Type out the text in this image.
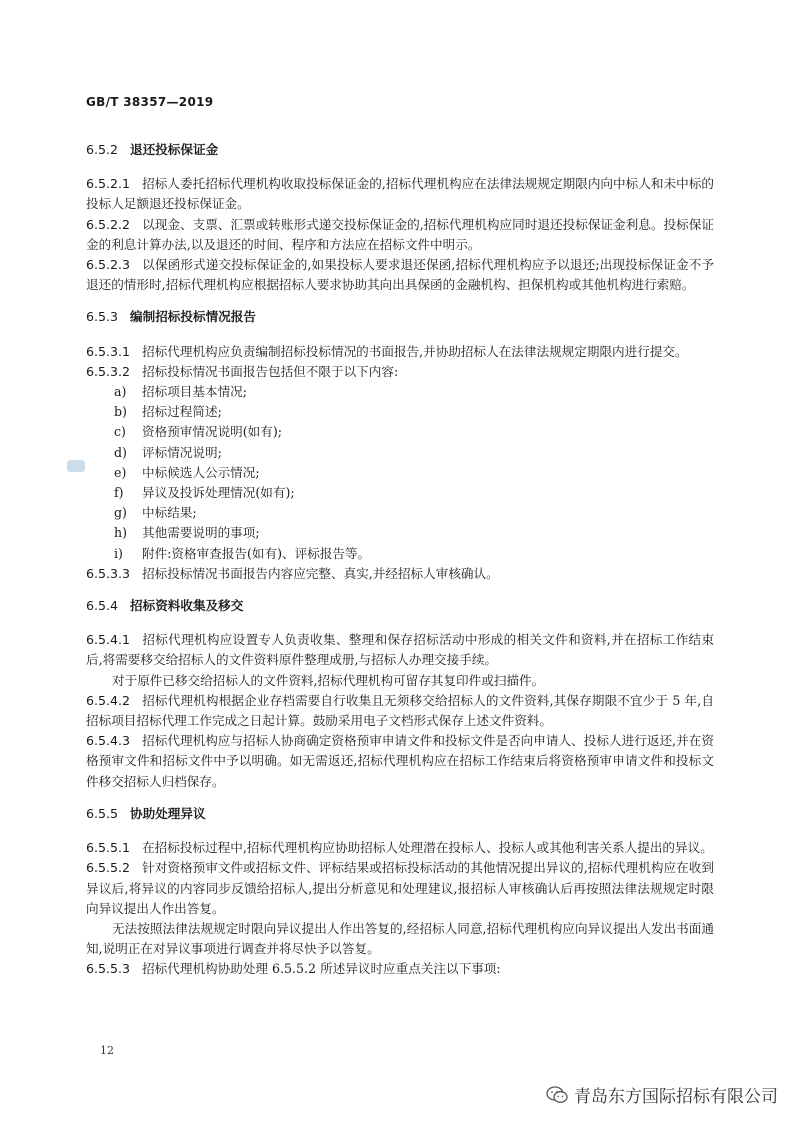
GB/T 38357—2019
6.5.2 退还投标保证金

6.5.2.1 招标人委托招标代理机构收取投标保证金的,招标代理机构应在法律法规规定期限内向中标人和未中标的投标人足额退还投标保证金。

6.5.2.2 以现金、支票、汇票或转账形式递交投标保证金的,招标代理机构应同时退还投标保证金利息。投标保证金的利息计算办法,以及退还的时间、程序和方法应在招标文件中明示。

6.5.2.3 以保函形式递交投标保证金的,如果投标人要求退还保函,招标代理机构应予以退还;出现投标保证金不予退还的情形时,招标代理机构应根据招标人要求协助其向出具保函的金融机构、担保机构或其他机构进行索赔。

6.5.3 编制招标投标情况报告

6.5.3.1 招标代理机构应负责编制招标投标情况的书面报告,并协助招标人在法律法规规定期限内进行提交。

6.5.3.2 招标投标情况书面报告包括但不限于以下内容:

a) 招标项目基本情况;
b) 招标过程简述;
c) 资格预审情况说明(如有);
d) 评标情况说明;
e) 中标候选人公示情况;
f) 异议及投诉处理情况(如有);
g) 中标结果;
h) 其他需要说明的事项;
i) 附件:资格审查报告(如有)、评标报告等。

6.5.3.3 招标投标情况书面报告内容应完整、真实,并经招标人审核确认。

6.5.4 招标资料收集及移交

6.5.4.1 招标代理机构应设置专人负责收集、整理和保存招标活动中形成的相关文件和资料,并在招标工作结束后,将需要移交给招标人的文件资料原件整理成册,与招标人办理交接手续。

对于原件已移交给招标人的文件资料,招标代理机构可留存其复印件或扫描件。

6.5.4.2 招标代理机构根据企业存档需要自行收集且无须移交给招标人的文件资料,其保存期限不宜少于 5 年,自招标项目招标代理工作完成之日起计算。鼓励采用电子文档形式保存上述文件资料。

6.5.4.3 招标代理机构应与招标人协商确定资格预审申请文件和投标文件是否向申请人、投标人进行返还,并在资格预审文件和招标文件中予以明确。如无需返还,招标代理机构应在招标工作结束后将资格预审申请文件和投标文件移交招标人归档保存。

6.5.5 协助处理异议

6.5.5.1 在招标投标过程中,招标代理机构应协助招标人处理潜在投标人、投标人或其他利害关系人提出的异议。

6.5.5.2 针对资格预审文件或招标文件、评标结果或招标投标活动的其他情况提出异议的,招标代理机构应在收到异议后,将异议的内容同步反馈给招标人,提出分析意见和处理建议,报招标人审核确认后再按照法律法规规定时限向异议提出人作出答复。

无法按照法律法规规定时限向异议提出人作出答复的,经招标人同意,招标代理机构应向异议提出人发出书面通知,说明正在对异议事项进行调查并将尽快予以答复。

6.5.5.3 招标代理机构协助处理 6.5.5.2 所述异议时应重点关注以下事项:

12
青岛东方国际招标有限公司
